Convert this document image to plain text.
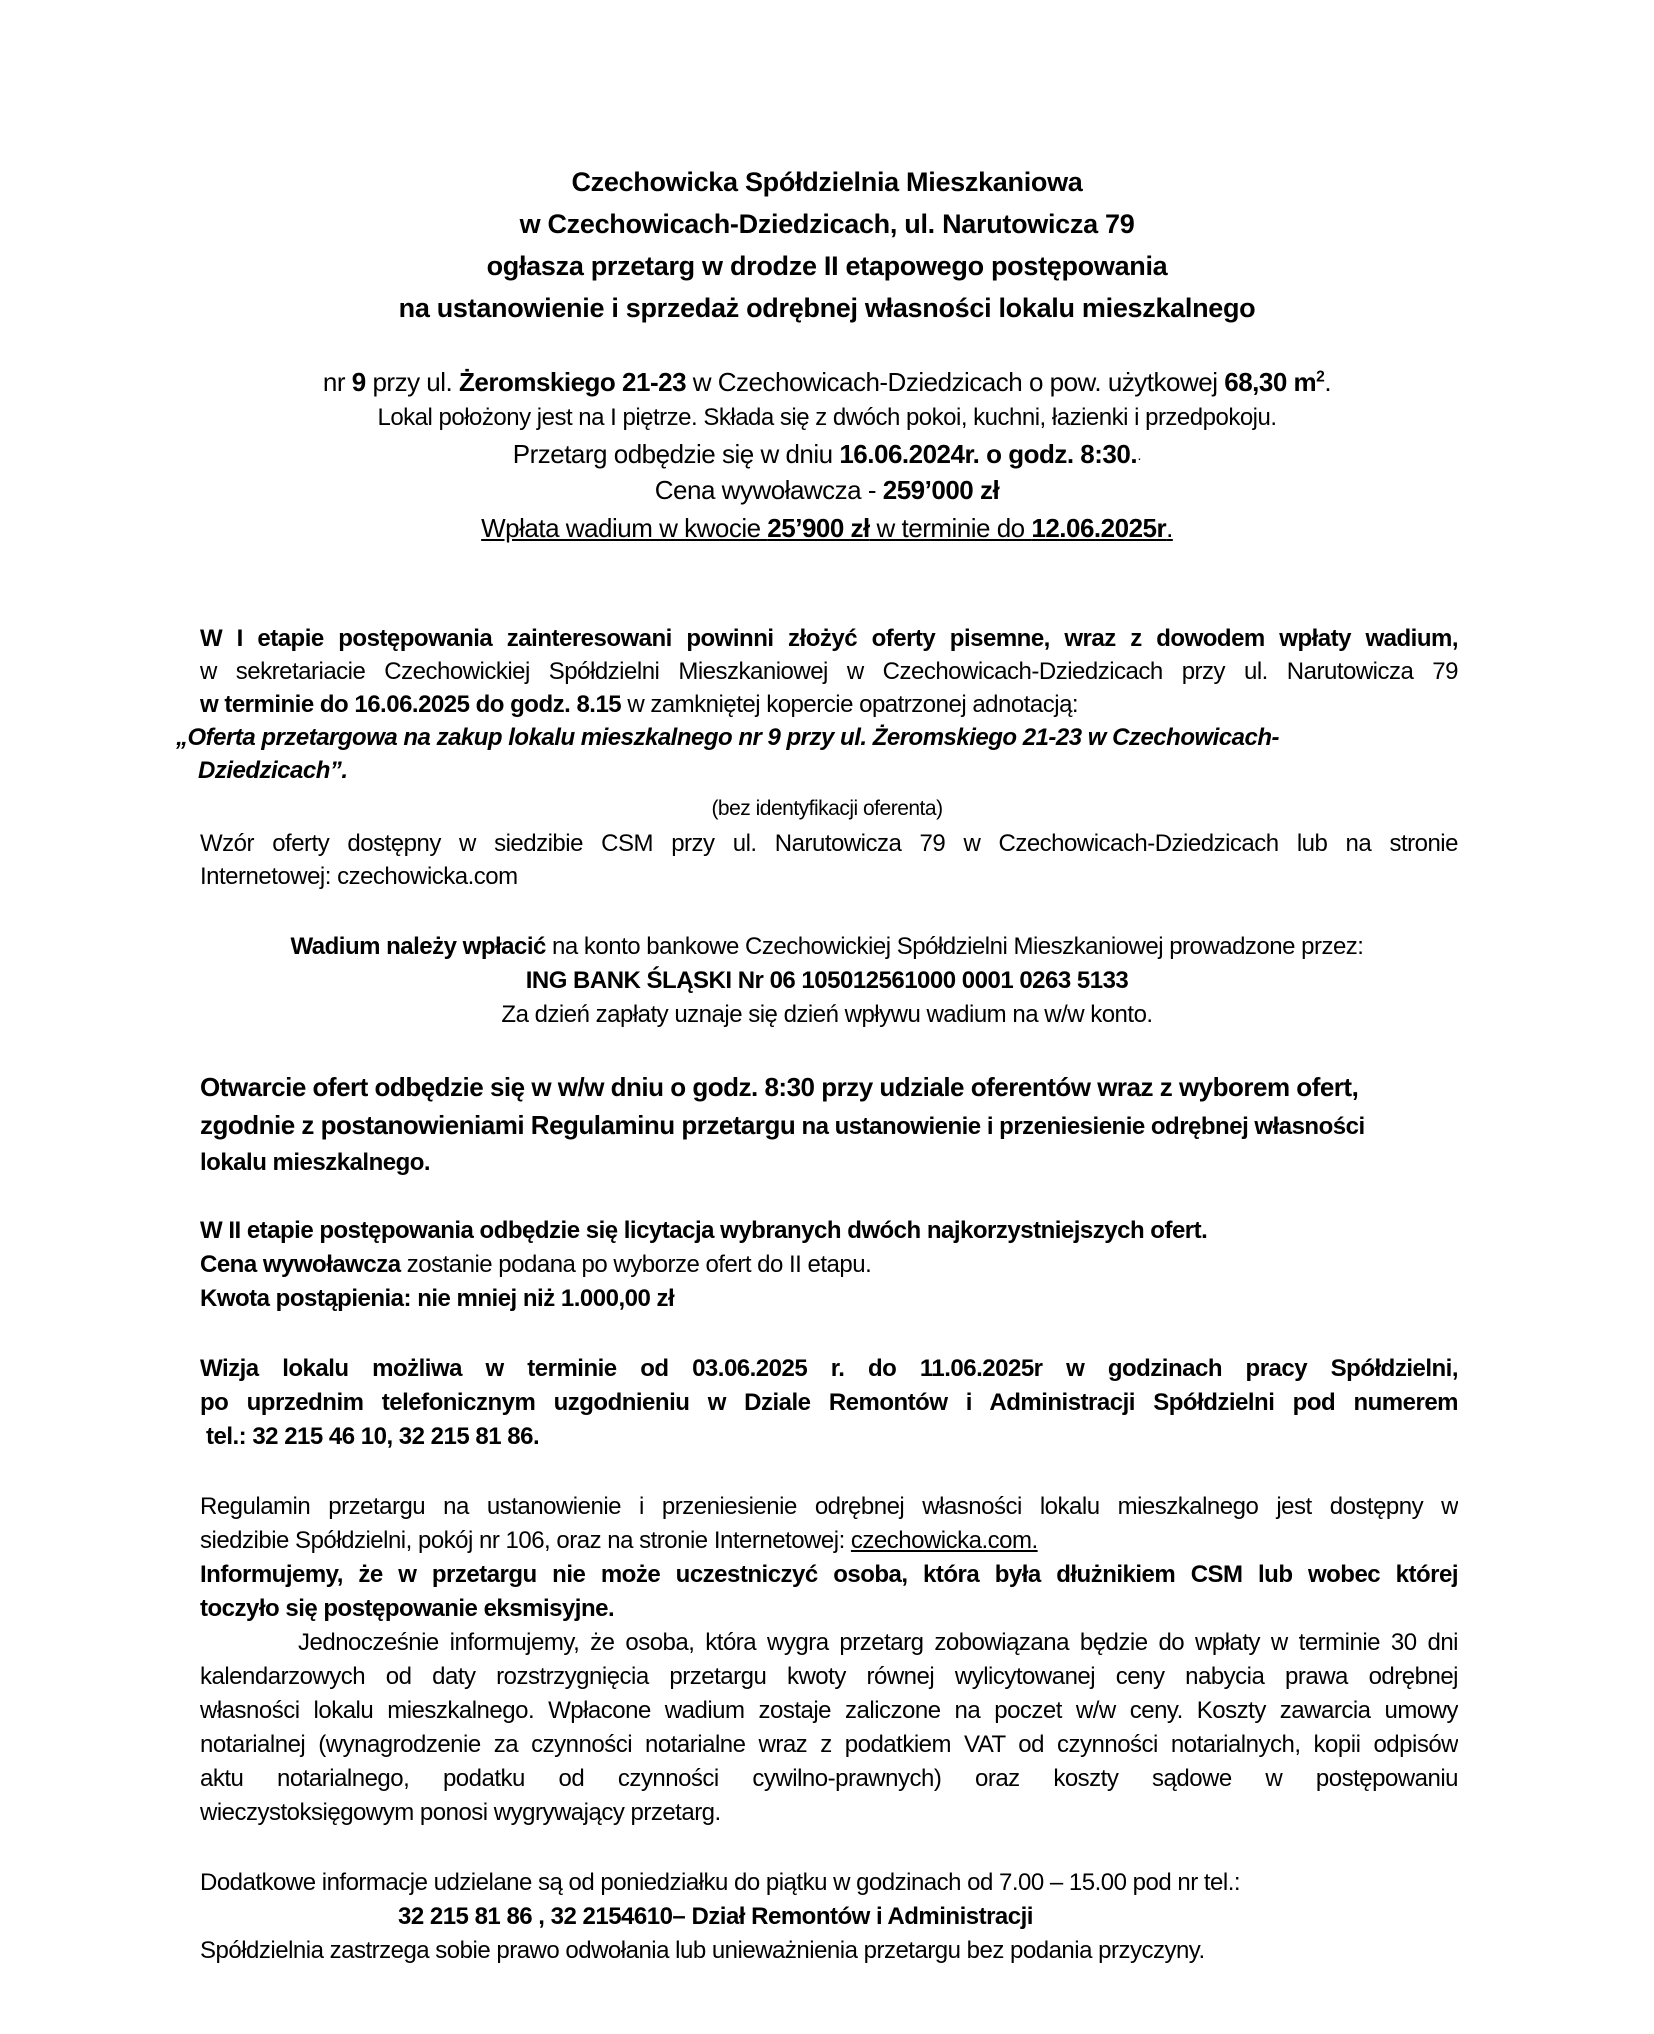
Czechowicka Spółdzielnia Mieszkaniowa
w Czechowicach-Dziedzicach, ul. Narutowicza 79
ogłasza przetarg w drodze II etapowego postępowania
na ustanowienie i sprzedaż odrębnej własności lokalu mieszkalnego
nr 9 przy ul. Żeromskiego 21-23 w Czechowicach-Dziedzicach o pow. użytkowej 68,30 $m^2$.
Lokal położony jest na I piętrze. Składa się z dwóch pokoi, kuchni, łazienki i przedpokoju.
Przetarg odbędzie się w dniu 16.06.2024r. o godz. 8:30.·
Cena wywoławcza - 259’000 zł
Wpłata wadium w kwocie 25’900 zł w terminie do 12.06.2025r.
W I etapie postępowania zainteresowani powinni złożyć oferty pisemne, wraz z dowodem wpłaty wadium,
w sekretariacie Czechowickiej Spółdzielni Mieszkaniowej w Czechowicach-Dziedzicach przy ul. Narutowicza 79
w terminie do 16.06.2025 do godz. 8.15 w zamkniętej kopercie opatrzonej adnotacją:
„Oferta przetargowa na zakup lokalu mieszkalnego nr 9 przy ul. Żeromskiego 21-23 w Czechowicach-
Dziedzicach”.
(bez identyfikacji oferenta)
Wzór oferty dostępny w siedzibie CSM przy ul. Narutowicza 79 w Czechowicach-Dziedzicach lub na stronie
Internetowej: czechowicka.com
Wadium należy wpłacić na konto bankowe Czechowickiej Spółdzielni Mieszkaniowej prowadzone przez:
ING BANK ŚLĄSKI Nr 06 105012561000 0001 0263 5133
Za dzień zapłaty uznaje się dzień wpływu wadium na w/w konto.
Otwarcie ofert odbędzie się w w/w dniu o godz. 8:30 przy udziale oferentów wraz z wyborem ofert,
zgodnie z postanowieniami Regulaminu przetargu na ustanowienie i przeniesienie odrębnej własności
lokalu mieszkalnego.
W II etapie postępowania odbędzie się licytacja wybranych dwóch najkorzystniejszych ofert.
Cena wywoławcza zostanie podana po wyborze ofert do II etapu.
Kwota postąpienia: nie mniej niż 1.000,00 zł
Wizja lokalu możliwa w terminie od 03.06.2025 r. do 11.06.2025r w godzinach pracy Spółdzielni,
po uprzednim telefonicznym uzgodnieniu w Dziale Remontów i Administracji Spółdzielni pod numerem
tel.: 32 215 46 10, 32 215 81 86.
Regulamin przetargu na ustanowienie i przeniesienie odrębnej własności lokalu mieszkalnego jest dostępny w
siedzibie Spółdzielni, pokój nr 106, oraz na stronie Internetowej: czechowicka.com.
Informujemy, że w przetargu nie może uczestniczyć osoba, która była dłużnikiem CSM lub wobec której
toczyło się postępowanie eksmisyjne.
Jednocześnie informujemy, że osoba, która wygra przetarg zobowiązana będzie do wpłaty w terminie 30 dni
kalendarzowych od daty rozstrzygnięcia przetargu kwoty równej wylicytowanej ceny nabycia prawa odrębnej
własności lokalu mieszkalnego. Wpłacone wadium zostaje zaliczone na poczet w/w ceny. Koszty zawarcia umowy
notarialnej (wynagrodzenie za czynności notarialne wraz z podatkiem VAT od czynności notarialnych, kopii odpisów
aktu notarialnego, podatku od czynności cywilno-prawnych) oraz koszty sądowe w postępowaniu
wieczystoksięgowym ponosi wygrywający przetarg.
Dodatkowe informacje udzielane są od poniedziałku do piątku w godzinach od 7.00 – 15.00 pod nr tel.:
32 215 81 86 , 32 2154610– Dział Remontów i Administracji
Spółdzielnia zastrzega sobie prawo odwołania lub unieważnienia przetargu bez podania przyczyny.
